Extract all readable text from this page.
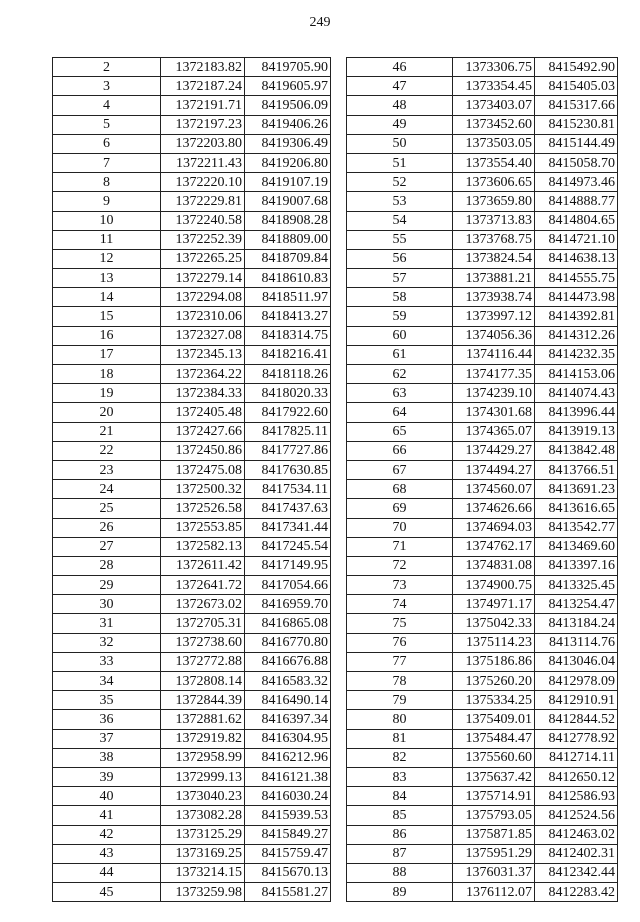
249
2	1372183.82	8419705.90
3	1372187.24	8419605.97
4	1372191.71	8419506.09
5	1372197.23	8419406.26
6	1372203.80	8419306.49
7	1372211.43	8419206.80
8	1372220.10	8419107.19
9	1372229.81	8419007.68
10	1372240.58	8418908.28
11	1372252.39	8418809.00
12	1372265.25	8418709.84
13	1372279.14	8418610.83
14	1372294.08	8418511.97
15	1372310.06	8418413.27
16	1372327.08	8418314.75
17	1372345.13	8418216.41
18	1372364.22	8418118.26
19	1372384.33	8418020.33
20	1372405.48	8417922.60
21	1372427.66	8417825.11
22	1372450.86	8417727.86
23	1372475.08	8417630.85
24	1372500.32	8417534.11
25	1372526.58	8417437.63
26	1372553.85	8417341.44
27	1372582.13	8417245.54
28	1372611.42	8417149.95
29	1372641.72	8417054.66
30	1372673.02	8416959.70
31	1372705.31	8416865.08
32	1372738.60	8416770.80
33	1372772.88	8416676.88
34	1372808.14	8416583.32
35	1372844.39	8416490.14
36	1372881.62	8416397.34
37	1372919.82	8416304.95
38	1372958.99	8416212.96
39	1372999.13	8416121.38
40	1373040.23	8416030.24
41	1373082.28	8415939.53
42	1373125.29	8415849.27
43	1373169.25	8415759.47
44	1373214.15	8415670.13
45	1373259.98	8415581.27
46	1373306.75	8415492.90
47	1373354.45	8415405.03
48	1373403.07	8415317.66
49	1373452.60	8415230.81
50	1373503.05	8415144.49
51	1373554.40	8415058.70
52	1373606.65	8414973.46
53	1373659.80	8414888.77
54	1373713.83	8414804.65
55	1373768.75	8414721.10
56	1373824.54	8414638.13
57	1373881.21	8414555.75
58	1373938.74	8414473.98
59	1373997.12	8414392.81
60	1374056.36	8414312.26
61	1374116.44	8414232.35
62	1374177.35	8414153.06
63	1374239.10	8414074.43
64	1374301.68	8413996.44
65	1374365.07	8413919.13
66	1374429.27	8413842.48
67	1374494.27	8413766.51
68	1374560.07	8413691.23
69	1374626.66	8413616.65
70	1374694.03	8413542.77
71	1374762.17	8413469.60
72	1374831.08	8413397.16
73	1374900.75	8413325.45
74	1374971.17	8413254.47
75	1375042.33	8413184.24
76	1375114.23	8413114.76
77	1375186.86	8413046.04
78	1375260.20	8412978.09
79	1375334.25	8412910.91
80	1375409.01	8412844.52
81	1375484.47	8412778.92
82	1375560.60	8412714.11
83	1375637.42	8412650.12
84	1375714.91	8412586.93
85	1375793.05	8412524.56
86	1375871.85	8412463.02
87	1375951.29	8412402.31
88	1376031.37	8412342.44
89	1376112.07	8412283.42
